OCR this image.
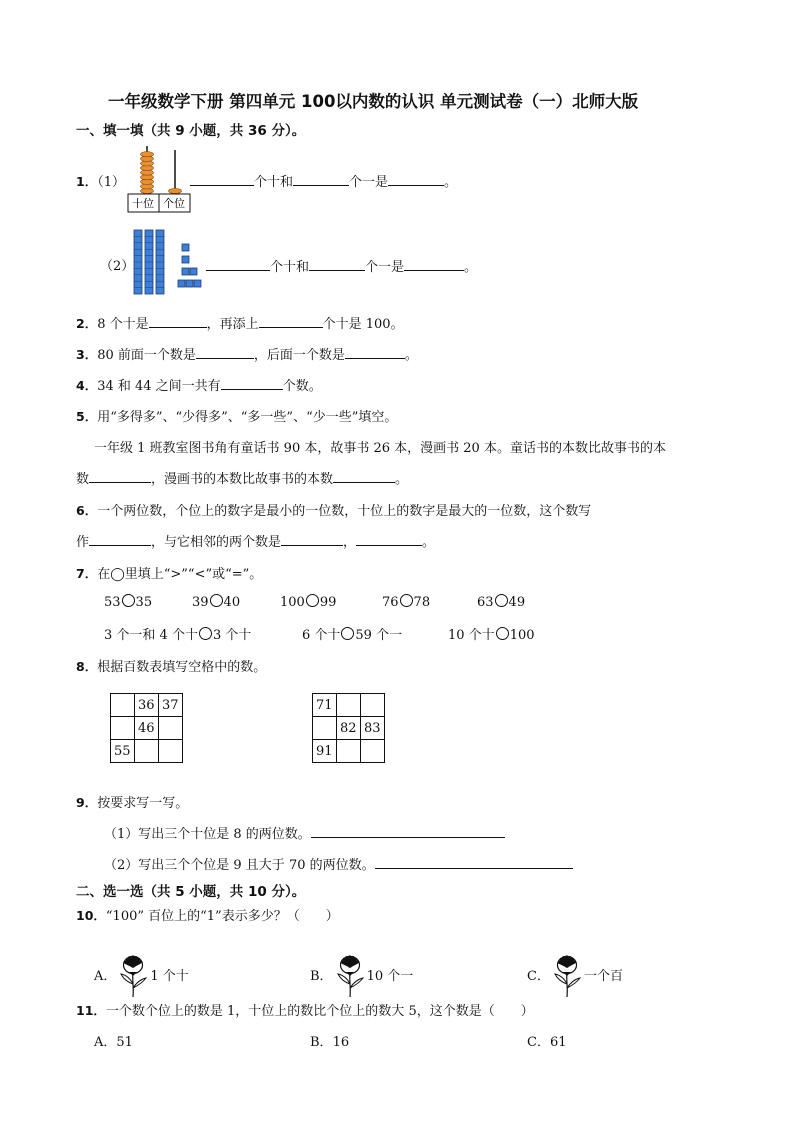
一年级数学下册 第四单元 100以内数的认识 单元测试卷（一）北师大版
一、填一填（共 9 小题，共 36 分）。
1．（1）
十位 个位
个十和	个一是	。
（2）	个十和	个一是	。
2．8 个十是	，再添上	个十是 100。
3．80 前面一个数是	，后面一个数是	。
4．34 和 44 之间一共有	个数。
5．用“多得多”、“少得多”、“多一些”、“少一些”填空。
一年级 1 班教室图书角有童话书 90 本，故事书 26 本，漫画书 20 本。童话书的本数比故事书的本
数	，漫画书的本数比故事书的本数	。
6．一个两位数，个位上的数字是最小的一位数，十位上的数字是最大的一位数，这个数写
作	，与它相邻的两个数是	，	。
7．在◯里填上“>”“<”或“=”。
53 35	39 40	100 99	76 78	63 49
3 个一和 4 个十 3 个十	6 个十 59 个一	10 个十 100
8．根据百数表填写空格中的数。
	36	37
	46	
55		
71		
	82	83
91		
9．按要求写一写。
（1）写出三个十位是 8 的两位数。
（2）写出三个个位是 9 且大于 70 的两位数。
二、选一选（共 5 小题，共 10 分）。
10．“100” 百位上的“1”表示多少？（　　）
A．	1 个十	B．	10 个一	C．	一个百
11．一个数个位上的数是 1，十位上的数比个位上的数大 5，这个数是（　　）
A．51	B．16	C．61
